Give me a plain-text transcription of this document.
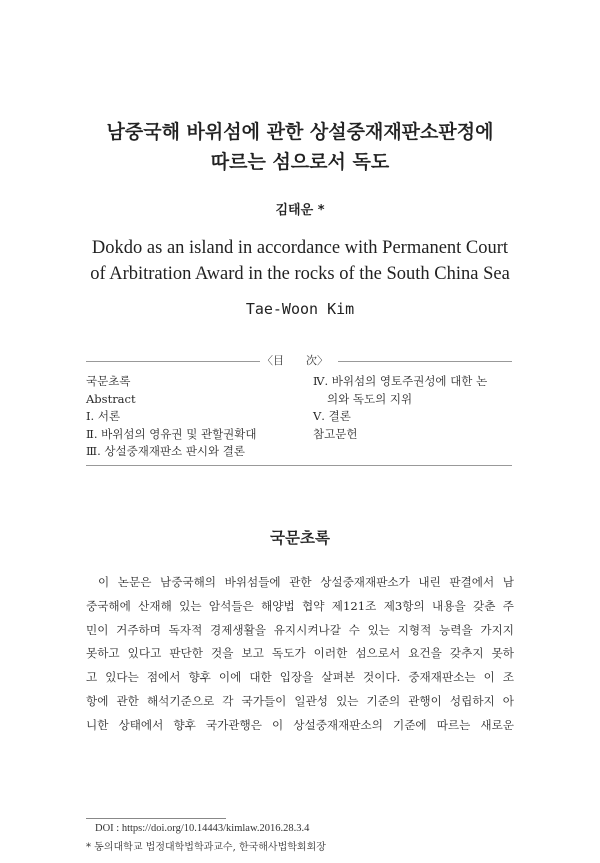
남중국해 바위섬에 관한 상설중재재판소판정에
따르는 섬으로서 독도
김태운 *
Dokdo as an island in accordance with Permanent Court
of Arbitration Award in the rocks of the South China Sea
Tae-Woon Kim
〈目　　次〉
국문초록
Abstract
Ⅰ. 서론
Ⅱ. 바위섬의 영유권 및 관할권확대
Ⅲ. 상설중재재판소 판시와 결론
Ⅳ. 바위섬의 영토주권성에 대한 논
의와 독도의 지위
Ⅴ. 결론
참고문헌
국문초록
이 논문은 남중국해의 바위섬들에 관한 상설중재재판소가 내린 판결에서 남
중국해에 산재해 있는 암석들은 해양법 협약 제121조 제3항의 내용을 갖춘 주
민이 거주하며 독자적 경제생활을 유지시켜나갈 수 있는 지형적 능력을 가지지
못하고 있다고 판단한 것을 보고 독도가 이러한 섬으로서 요건을 갖추지 못하
고 있다는 점에서 향후 이에 대한 입장을 살펴본 것이다. 중재재판소는 이 조
항에 관한 해석기준으로 각 국가들이 일관성 있는 기준의 관행이 성립하지 아
니한 상태에서 향후 국가관행은 이 상설중재재판소의 기준에 따르는 새로운
DOI : https://doi.org/10.14443/kimlaw.2016.28.3.4
* 동의대학교 법정대학법학과교수, 한국해사법학회회장
